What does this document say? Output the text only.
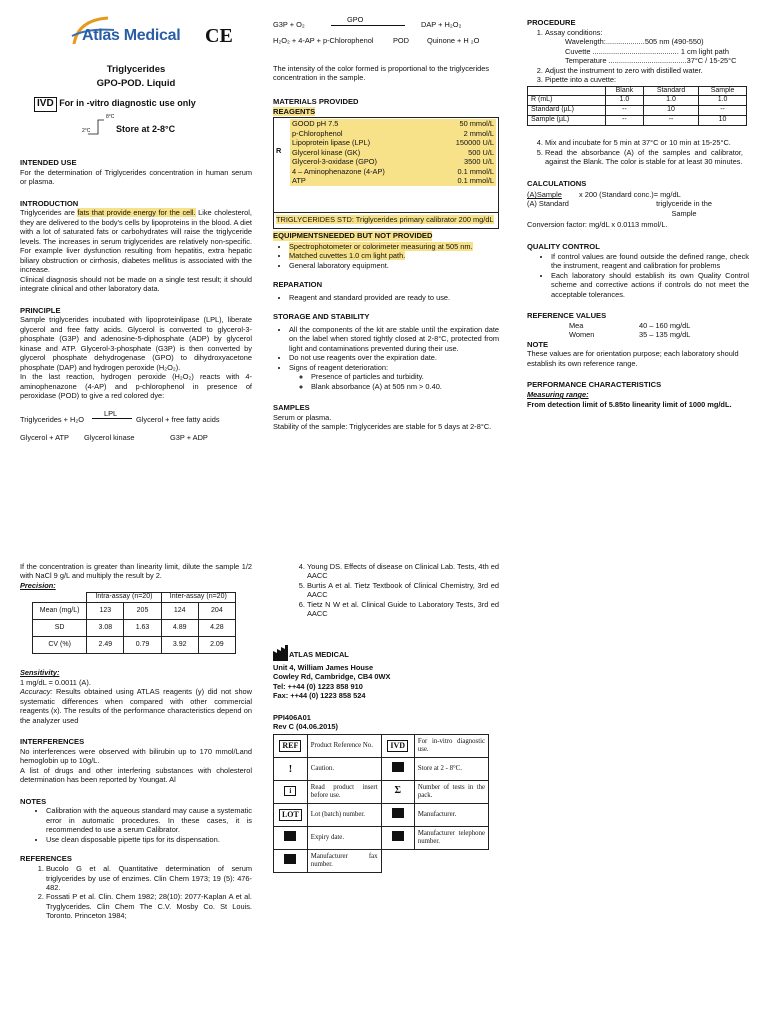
Atlas Medical CE

Triglycerides

GPO-POD. Liquid

IVD For in -vitro diagnostic use only
8°C
2°C	Store at 2-8°C

INTENDED USE

For the determination of Triglycerides concentration in human serum or plasma.

INTRODUCTION

Triglycerides are fats that provide energy for the cell. Like cholesterol, they are delivered to the body's cells by lipoproteins in the blood. A diet with a lot of saturated fats or carbohydrates will raise the triglyceride levels. The increases in serum triglycerides are relatively non-specific. For example liver dysfunction resulting from hepatitis, extra hepatic biliary obstruction or cirrhosis, diabetes mellitus is associated with the increase.

Clinical diagnosis should not be made on a single test result; it should integrate clinical and other laboratory data.

PRINCIPLE

Sample triglycerides incubated with lipoproteinlipase (LPL), liberate glycerol and free fatty acids. Glycerol is converted to glycerol-3-phosphate (G3P) and adenosine-5-diphosphate (ADP) by glycerol kinase and ATP. Glycerol-3-phosphate (G3P) is then converted by glycerol phosphate dehydrogenase (GPO) to dihydroxyacetone phosphate (DAP) and hydrogen peroxide (H₂O₂).

In the last reaction, hydrogen peroxide (H₂O₂) reacts with 4-aminophenazone (4-AP) and p-chlorophenol in presence of peroxidase (POD) to give a red colored dye:

Triglycerides + H₂O
LPL
Glycerol + free fatty acids
Glycerol + ATP Glycerol kinase	G3P + ADP
G3P + O₂
GPO
DAP + H₂O₂
H₂O₂ + 4-AP + p-Chlorophenol	POD Quinone + H ₂O

The intensity of the color formed is proportional to the triglycerides concentration in the sample.

MATERIALS PROVIDED

REAGENTS

R
GOOD pH 7.5	50 mmol/L
p-Chlorophenol	2 mmol/L
Lipoprotein lipase (LPL)	150000 U/L
Glycerol kinase (GK)	500 U/L
Glycerol-3-oxidase (GPO)	3500 U/L
4 – Aminophenazone (4-AP)	0.1 mmol/L
ATP	0.1 mmol/L
TRIGLYCERIDES STD: Triglycerides primary calibrator 200 mg/dL

EQUIPMENTSNEEDED BUT NOT PROVIDED

• Spectrophotometer or colorimeter measuring at 505 nm.
• Matched cuvettes 1.0 cm light path.
• General laboratory equipment.

REPARATION

• Reagent and standard provided are ready to use.

STORAGE AND STABILITY

• All the components of the kit are stable until the expiration date on the label when stored tightly closed at 2-8°C, protected from light and contaminations prevented during their use.
• Do not use reagents over the expiration date.
• Signs of reagent deterioration:
◦ Presence of particles and turbidity.
◦ Blank absorbance (A) at 505 nm > 0.40.

SAMPLES

Serum or plasma.

Stability of the sample: Triglycerides are stable for 5 days at 2-8°C.

PROCEDURE

1. Assay conditions:
Wavelength:...................505 nm (490-550)
Cuvette .......................................... 1 cm light path
Temperature ......................................37°C / 15-25°C
2. Adjust the instrument to zero with distilled water.
3. Pipette into a cuvette:
	Blank	Standard	Sample
R (mL)	1.0	1.0	1.0
Standard (µL)	--	10	--
Sample (µL)	--	--	10
4. Mix and incubate for 5 min at 37°C or 10 min at 15-25°C.
5. Read the absorbance (A) of the samples and calibrator, against the Blank. The color is stable for at least 30 minutes.

CALCULATIONS

(A)Sample x 200 (Standard conc.)= mg/dL
(A) Standard	triglyceride in the Sample

Conversion factor: mg/dL x 0.0113 mmol/L.

QUALITY CONTROL

• If control values are found outside the defined range, check the instrument, reagent and calibration for problems
• Each laboratory should establish its own Quality Control scheme and corrective actions if controls do not meet the acceptable tolerances.

REFERENCE VALUES

Mea	40 – 160 mg/dL
Women	35 – 135 mg/dL

NOTE

These values are for orientation purpose; each laboratory should establish its own reference range.

PERFORMANCE CHARACTERISTICS

Measuring range:

From detection limit of 5.85to linearity limit of 1000 mg/dL.

If the concentration is greater than linearity limit, dilute the sample 1/2 with NaCl 9 g/L and multiply the result by 2.

Precision:

	Intra-assay (n=20)		Inter-assay (n=20)	
Mean (mg/L)	123	205	124	204
SD	3.08	1.63	4.89	4.28
CV (%)	2.49	0.79	3.92	2.09

Sensitivity:

1 mg/dL = 0.0011 (A).

Accuracy: Results obtained using ATLAS reagents (y) did not show systematic differences when compared with other commercial reagents (x). The results of the performance characteristics depend on the analyzer used

INTERFERENCES

No interferences were observed with bilirubin up to 170 mmol/Land hemoglobin up to 10g/L.

A list of drugs and other interfering substances with cholesterol determination has been reported by Youngat. Al

NOTES

• Calibration with the aqueous standard may cause a systematic error in automatic procedures. In these cases, it is recommended to use a serum Calibrator.
• Use clean disposable pipette tips for its dispensation.

REFERENCES

1. Bucolo G et al. Quantitative determination of serum triglycerides by use of enzimes. Clin Chem 1973; 19 (5): 476-482.
2. Fossati P et al. Clin. Chem 1982; 28(10): 2077-Kaplan A et al. Tryglycerides. Clin Chem The C.V. Mosby Co. St Louis. Toronto. Princeton 1984;
4. Young DS. Effects of disease on Clinical Lab. Tests, 4th ed AACC
5. Burtis A et al. Tietz Textbook of Clinical Chemistry, 3rd ed AACC
6. Tietz N W et al. Clinical Guide to Laboratory Tests, 3rd ed AACC
ATLAS MEDICAL

Unit 4, William James House

Cowley Rd, Cambridge, CB4 0WX

Tel: ++44 (0) 1223 858 910

Fax: ++44 (0) 1223 858 524

PPI406A01

Rev C (04.06.2015)

REF	Product Reference No.	IVD	For in-vitro diagnostic use.
!	Caution.		Store at 2 - 8°C.
i	Read product insert before use.	Σ	Number of tests in the pack.
LOT	Lot (batch) number.		Manufacturer.
	Expiry date.		Manufacturer telephone number.
	Manufacturer fax number.		
